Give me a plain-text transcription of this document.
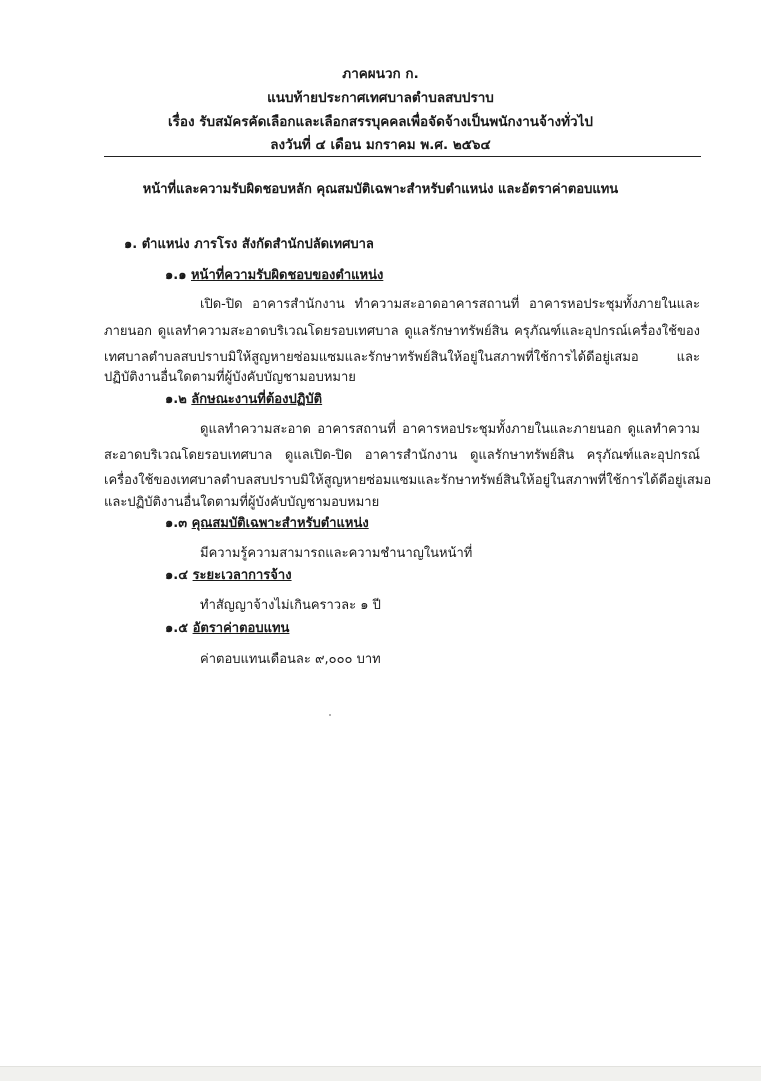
ภาคผนวก ก.
แนบท้ายประกาศเทศบาลตำบลสบปราบ
เรื่อง รับสมัครคัดเลือกและเลือกสรรบุคคลเพื่อจัดจ้างเป็นพนักงานจ้างทั่วไป
ลงวันที่ ๔ เดือน มกราคม พ.ศ. ๒๕๖๔
หน้าที่และความรับผิดชอบหลัก คุณสมบัติเฉพาะสำหรับตำแหน่ง และอัตราค่าตอบแทน
๑. ตำแหน่ง ภารโรง สังกัดสำนักปลัดเทศบาล
๑.๑ หน้าที่ความรับผิดชอบของตำแหน่ง
เปิด-ปิด อาคารสำนักงาน ทำความสะอาดอาคารสถานที่ อาคารหอประชุมทั้งภายในและ
ภายนอก ดูแลทำความสะอาดบริเวณโดยรอบเทศบาล ดูแลรักษาทรัพย์สิน ครุภัณฑ์และอุปกรณ์เครื่องใช้ของ
เทศบาลตำบลสบปราบมิให้สูญหายซ่อมแซมและรักษาทรัพย์สินให้อยู่ในสภาพที่ใช้การได้ดีอยู่เสมอ และ
ปฏิบัติงานอื่นใดตามที่ผู้บังคับบัญชามอบหมาย
๑.๒ ลักษณะงานที่ต้องปฏิบัติ
ดูแลทำความสะอาด อาคารสถานที่ อาคารหอประชุมทั้งภายในและภายนอก ดูแลทำความ
สะอาดบริเวณโดยรอบเทศบาล ดูแลเปิด-ปิด อาคารสำนักงาน ดูแลรักษาทรัพย์สิน ครุภัณฑ์และอุปกรณ์
เครื่องใช้ของเทศบาลตำบลสบปราบมิให้สูญหายซ่อมแซมและรักษาทรัพย์สินให้อยู่ในสภาพที่ใช้การได้ดีอยู่เสมอ
และปฏิบัติงานอื่นใดตามที่ผู้บังคับบัญชามอบหมาย
๑.๓ คุณสมบัติเฉพาะสำหรับตำแหน่ง
มีความรู้ความสามารถและความชำนาญในหน้าที่
๑.๔ ระยะเวลาการจ้าง
ทำสัญญาจ้างไม่เกินคราวละ ๑ ปี
๑.๕ อัตราค่าตอบแทน
ค่าตอบแทนเดือนละ ๙,๐๐๐ บาท
